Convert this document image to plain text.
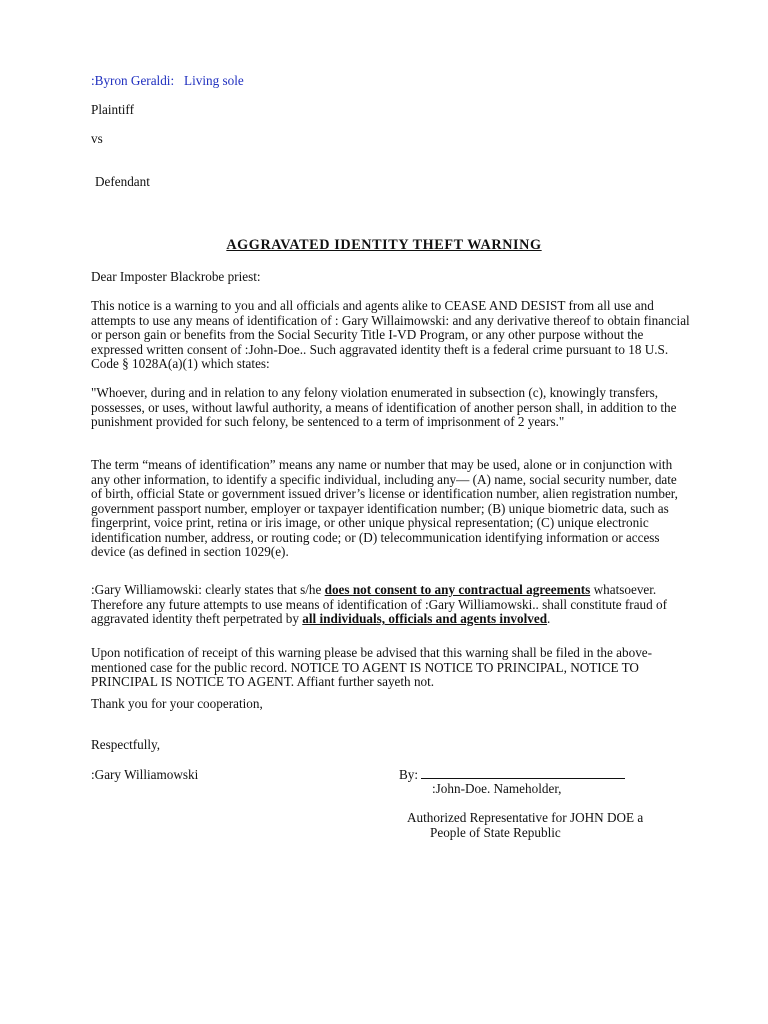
:Byron Geraldi: Living sole
Plaintiff
vs
Defendant
AGGRAVATED IDENTITY THEFT WARNING
Dear Imposter Blackrobe priest:
This notice is a warning to you and all officials and agents alike to CEASE AND DESIST from all use and attempts to use any means of identification of : Gary Willaimowski: and any derivative thereof to obtain financial or person gain or benefits from the Social Security Title I-VD Program, or any other purpose without the expressed written consent of :John-Doe.. Such aggravated identity theft is a federal crime pursuant to 18 U.S. Code § 1028A(a)(1) which states:
"Whoever, during and in relation to any felony violation enumerated in subsection (c), knowingly transfers, possesses, or uses, without lawful authority, a means of identification of another person shall, in addition to the punishment provided for such felony, be sentenced to a term of imprisonment of 2 years."
The term “means of identification” means any name or number that may be used, alone or in conjunction with any other information, to identify a specific individual, including any— (A) name, social security number, date of birth, official State or government issued driver’s license or identification number, alien registration number, government passport number, employer or taxpayer identification number; (B) unique biometric data, such as fingerprint, voice print, retina or iris image, or other unique physical representation; (C) unique electronic identification number, address, or routing code; or (D) telecommunication identifying information or access device (as defined in section 1029(e).
:Gary Williamowski: clearly states that s/he does not consent to any contractual agreements whatsoever. Therefore any future attempts to use means of identification of :Gary Williamowski.. shall constitute fraud of aggravated identity theft perpetrated by all individuals, officials and agents involved.
Upon notification of receipt of this warning please be advised that this warning shall be filed in the above-mentioned case for the public record. NOTICE TO AGENT IS NOTICE TO PRINCIPAL, NOTICE TO PRINCIPAL IS NOTICE TO AGENT. Affiant further sayeth not.
Thank you for your cooperation,
Respectfully,
:Gary Williamowski	By:
:John-Doe. Nameholder,
Authorized Representative for JOHN DOE a
People of State Republic
